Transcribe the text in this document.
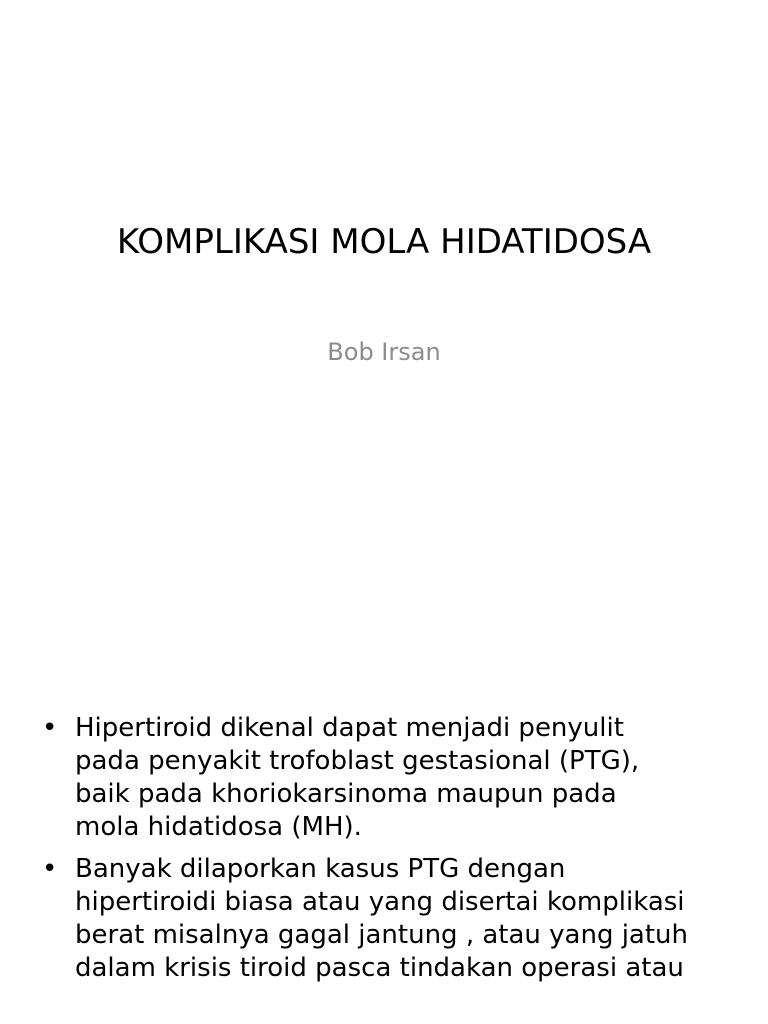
KOMPLIKASI MOLA HIDATIDOSA

Bob Irsan

• Hipertiroid dikenal dapat menjadi penyulit
pada penyakit trofoblast gestasional (PTG),
baik pada khoriokarsinoma maupun pada
mola hidatidosa (MH).
• Banyak dilaporkan kasus PTG dengan
hipertiroidi biasa atau yang disertai komplikasi
berat misalnya gagal jantung , atau yang jatuh
dalam krisis tiroid pasca tindakan operasi atau
